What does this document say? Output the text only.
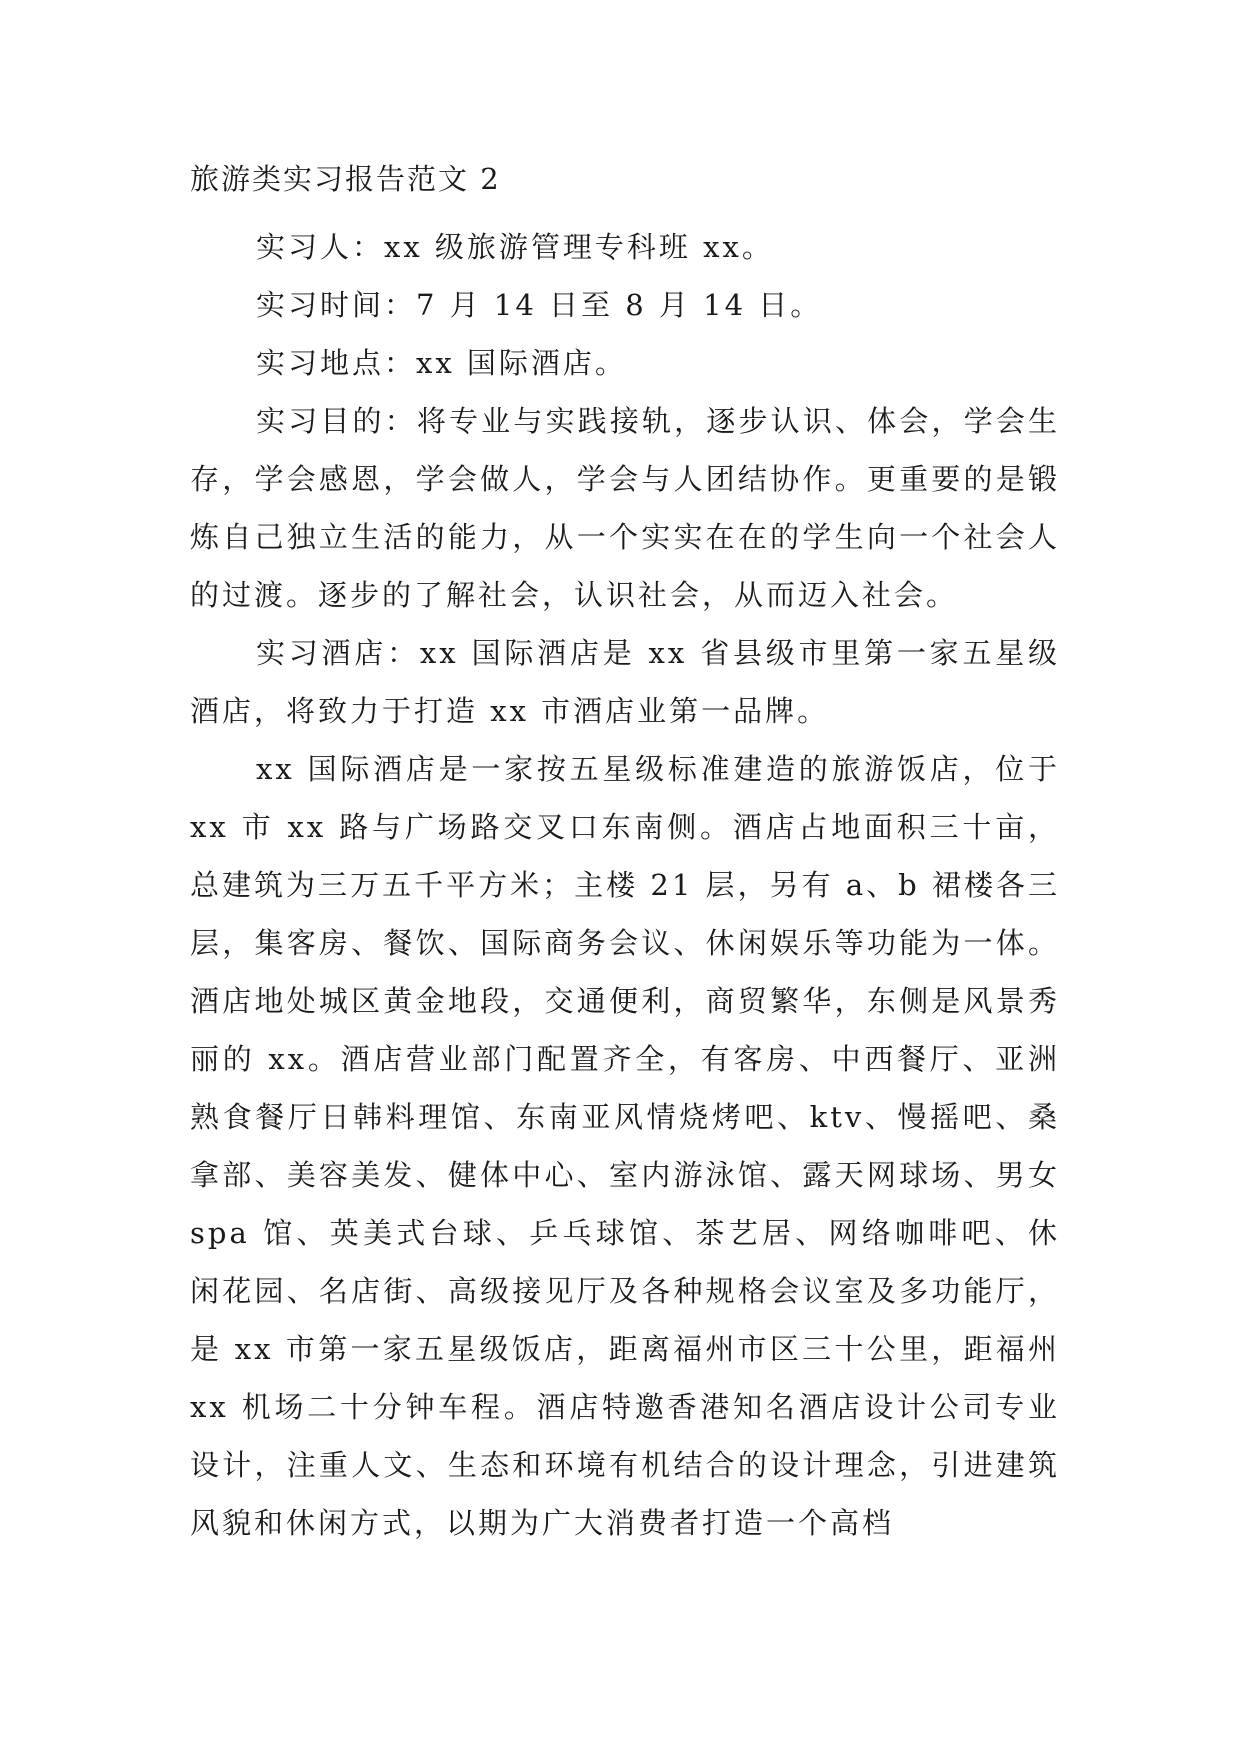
旅游类实习报告范文 2

实习人：xx 级旅游管理专科班 xx。

实习时间：7 月 14 日至 8 月 14 日。

实习地点：xx 国际酒店。

实习目的：将专业与实践接轨，逐步认识、体会，学会生存，学会感恩，学会做人，学会与人团结协作。更重要的是锻炼自己独立生活的能力，从一个实实在在的学生向一个社会人的过渡。逐步的了解社会，认识社会，从而迈入社会。

实习酒店：xx 国际酒店是 xx 省县级市里第一家五星级酒店，将致力于打造 xx 市酒店业第一品牌。

xx 国际酒店是一家按五星级标准建造的旅游饭店，位于 xx 市 xx 路与广场路交叉口东南侧。酒店占地面积三十亩，总建筑为三万五千平方米；主楼 21 层，另有 a、b 裙楼各三层，集客房、餐饮、国际商务会议、休闲娱乐等功能为一体。酒店地处城区黄金地段，交通便利，商贸繁华，东侧是风景秀丽的 xx。酒店营业部门配置齐全，有客房、中西餐厅、亚洲熟食餐厅日韩料理馆、东南亚风情烧烤吧、ktv、慢摇吧、桑拿部、美容美发、健体中心、室内游泳馆、露天网球场、男女 spa 馆、英美式台球、乒乓球馆、茶艺居、网络咖啡吧、休闲花园、名店街、高级接见厅及各种规格会议室及多功能厅，是 xx 市第一家五星级饭店，距离福州市区三十公里，距福州 xx 机场二十分钟车程。酒店特邀香港知名酒店设计公司专业设计，注重人文、生态和环境有机结合的设计理念，引进建筑风貌和休闲方式，以期为广大消费者打造一个高档
